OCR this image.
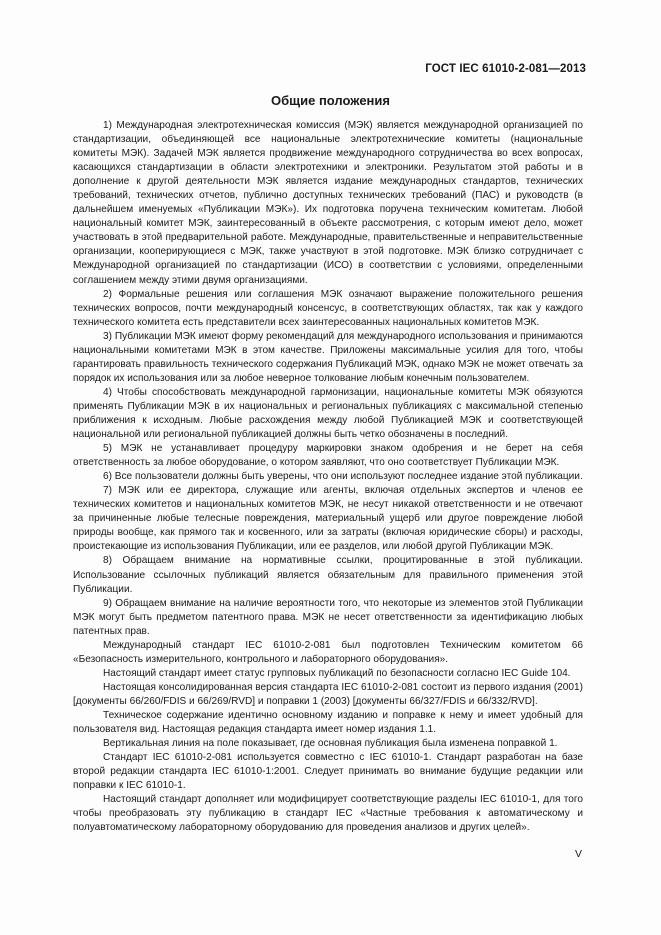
ГОСТ IEC 61010-2-081—2013
Общие положения

1) Международная электротехническая комиссия (МЭК) является международной организацией по стандартизации, объединяющей все национальные электротехнические комитеты (национальные комитеты МЭК). Задачей МЭК является продвижение международного сотрудничества во всех вопросах, касающихся стандартизации в области электротехники и электроники. Результатом этой работы и в дополнение к другой деятельности МЭК является издание международных стандартов, технических требований, технических отчетов, публично доступных технических требований (ПАС) и руководств (в дальнейшем именуемых «Публикации МЭК»). Их подготовка поручена техническим комитетам. Любой национальный комитет МЭК, заинтересованный в объекте рассмотрения, с которым имеют дело, может участвовать в этой предварительной работе. Международные, правительственные и неправительственные организации, кооперирующиеся с МЭК, также участвуют в этой подготовке. МЭК близко сотрудничает с Международной организацией по стандартизации (ИСО) в соответствии с условиями, определенными соглашением между этими двумя организациями.

2) Формальные решения или соглашения МЭК означают выражение положительного решения технических вопросов, почти международный консенсус, в соответствующих областях, так как у каждого технического комитета есть представители всех заинтересованных национальных комитетов МЭК.

3) Публикации МЭК имеют форму рекомендаций для международного использования и принимаются национальными комитетами МЭК в этом качестве. Приложены максимальные усилия для того, чтобы гарантировать правильность технического содержания Публикаций МЭК, однако МЭК не может отвечать за порядок их использования или за любое неверное толкование любым конечным пользователем.

4) Чтобы способствовать международной гармонизации, национальные комитеты МЭК обязуются применять Публикации МЭК в их национальных и региональных публикациях с максимальной степенью приближения к исходным. Любые расхождения между любой Публикацией МЭК и соответствующей национальной или региональной публикацией должны быть четко обозначены в последний.

5) МЭК не устанавливает процедуру маркировки знаком одобрения и не берет на себя ответственность за любое оборудование, о котором заявляют, что оно соответствует Публикации МЭК.

6) Все пользователи должны быть уверены, что они используют последнее издание этой публикации.

7) МЭК или ее директора, служащие или агенты, включая отдельных экспертов и членов ее технических комитетов и национальных комитетов МЭК, не несут никакой ответственности и не отвечают за причиненные любые телесные повреждения, материальный ущерб или другое повреждение любой природы вообще, как прямого так и косвенного, или за затраты (включая юридические сборы) и расходы, проистекающие из использования Публикации, или ее разделов, или любой другой Публикации МЭК.

8) Обращаем внимание на нормативные ссылки, процитированные в этой публикации. Использование ссылочных публикаций является обязательным для правильного применения этой Публикации.

9) Обращаем внимание на наличие вероятности того, что некоторые из элементов этой Публикации МЭК могут быть предметом патентного права. МЭК не несет ответственности за идентификацию любых патентных прав.

Международный стандарт IEC 61010-2-081 был подготовлен Техническим комитетом 66 «Безопасность измерительного, контрольного и лабораторного оборудования».

Настоящий стандарт имеет статус групповых публикаций по безопасности согласно IEC Guide 104.

Настоящая консолидированная версия стандарта IEC 61010-2-081 состоит из первого издания (2001) [документы 66/260/FDIS и 66/269/RVD] и поправки 1 (2003) [документы 66/327/FDIS и 66/332/RVD].

Техническое содержание идентично основному изданию и поправке к нему и имеет удобный для пользователя вид. Настоящая редакция стандарта имеет номер издания 1.1.

Вертикальная линия на поле показывает, где основная публикация была изменена поправкой 1.

Стандарт IEC 61010-2-081 используется совместно с IEC 61010-1. Стандарт разработан на базе второй редакции стандарта IEC 61010-1:2001. Следует принимать во внимание будущие редакции или поправки к IEC 61010-1.

Настоящий стандарт дополняет или модифицирует соответствующие разделы IEC 61010-1, для того чтобы преобразовать эту публикацию в стандарт IEC «Частные требования к автоматическому и полуавтоматическому лабораторному оборудованию для проведения анализов и других целей».

V
